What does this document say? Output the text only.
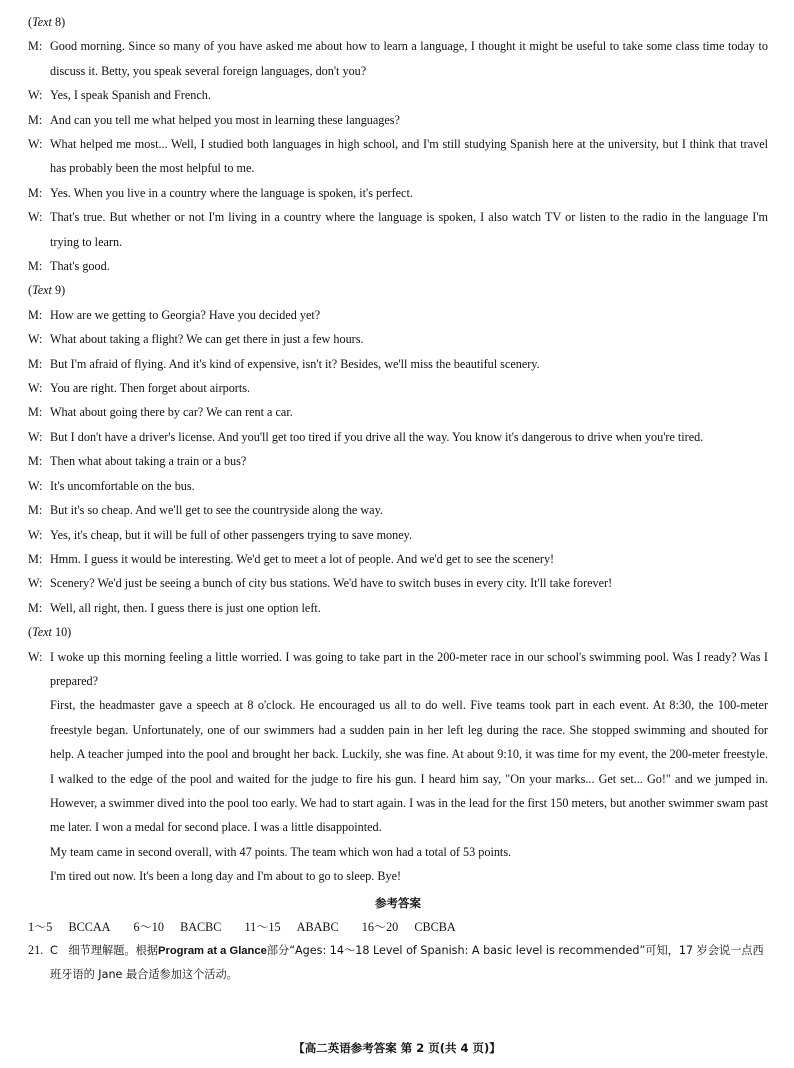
(Text 8)
M: Good morning. Since so many of you have asked me about how to learn a language, I thought it might be useful to take some class time today to discuss it. Betty, you speak several foreign languages, don't you?
W: Yes, I speak Spanish and French.
M: And can you tell me what helped you most in learning these languages?
W: What helped me most... Well, I studied both languages in high school, and I'm still studying Spanish here at the university, but I think that travel has probably been the most helpful to me.
M: Yes. When you live in a country where the language is spoken, it's perfect.
W: That's true. But whether or not I'm living in a country where the language is spoken, I also watch TV or listen to the radio in the language I'm trying to learn.
M: That's good.
(Text 9)
M: How are we getting to Georgia? Have you decided yet?
W: What about taking a flight? We can get there in just a few hours.
M: But I'm afraid of flying. And it's kind of expensive, isn't it? Besides, we'll miss the beautiful scenery.
W: You are right. Then forget about airports.
M: What about going there by car? We can rent a car.
W: But I don't have a driver's license. And you'll get too tired if you drive all the way. You know it's dangerous to drive when you're tired.
M: Then what about taking a train or a bus?
W: It's uncomfortable on the bus.
M: But it's so cheap. And we'll get to see the countryside along the way.
W: Yes, it's cheap, but it will be full of other passengers trying to save money.
M: Hmm. I guess it would be interesting. We'd get to meet a lot of people. And we'd get to see the scenery!
W: Scenery? We'd just be seeing a bunch of city bus stations. We'd have to switch buses in every city. It'll take forever!
M: Well, all right, then. I guess there is just one option left.
(Text 10)
W: I woke up this morning feeling a little worried. I was going to take part in the 200-meter race in our school's swimming pool. Was I ready? Was I prepared?
First, the headmaster gave a speech at 8 o'clock. He encouraged us all to do well. Five teams took part in each event. At 8:30, the 100-meter freestyle began. Unfortunately, one of our swimmers had a sudden pain in her left leg during the race. She stopped swimming and shouted for help. A teacher jumped into the pool and brought her back. Luckily, she was fine. At about 9:10, it was time for my event, the 200-meter freestyle. I walked to the edge of the pool and waited for the judge to fire his gun. I heard him say, "On your marks... Get set... Go!" and we jumped in. However, a swimmer dived into the pool too early. We had to start again. I was in the lead for the first 150 meters, but another swimmer swam past me later. I won a medal for second place. I was a little disappointed.
My team came in second overall, with 47 points. The team which won had a total of 53 points.
I'm tired out now. It's been a long day and I'm about to go to sleep. Bye!
参考答案
1～5 BCCAA 6～10 BACBC 11～15 ABABC 16～20 CBCBA
21. C 细节理解题。根据Program at a Glance部分“Ages: 14～18 Level of Spanish: A basic level is recommended”可知，17 岁会说一点西班牙语的 Jane 最合适参加这个活动。
【高二英语参考答案 第 2 页(共 4 页)】
